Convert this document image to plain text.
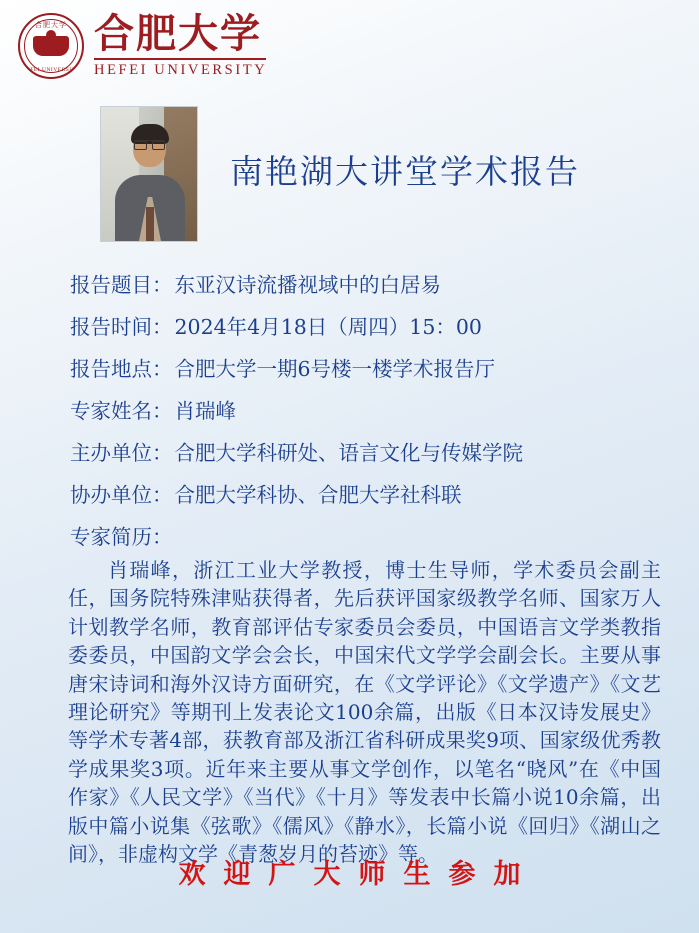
合肥大学
HEFEI UNIVERSITY
合肥大学
HEFEI UNIVERSITY
南艳湖大讲堂学术报告
报告题目： 东亚汉诗流播视域中的白居易
报告时间： 2024年4月18日（周四）15：00
报告地点： 合肥大学一期6号楼一楼学术报告厅
专家姓名： 肖瑞峰
主办单位： 合肥大学科研处、语言文化与传媒学院
协办单位： 合肥大学科协、合肥大学社科联
专家简历：
肖瑞峰，浙江工业大学教授，博士生导师，学术委员会副主任，国务院特殊津贴获得者，先后获评国家级教学名师、国家万人计划教学名师，教育部评估专家委员会委员，中国语言文学类教指委委员，中国韵文学会会长，中国宋代文学学会副会长。主要从事唐宋诗词和海外汉诗方面研究，在《文学评论》《文学遗产》《文艺理论研究》等期刊上发表论文100余篇，出版《日本汉诗发展史》等学术专著4部，获教育部及浙江省科研成果奖9项、国家级优秀教学成果奖3项。近年来主要从事文学创作，以笔名“晓风”在《中国作家》《人民文学》《当代》《十月》等发表中长篇小说10余篇，出版中篇小说集《弦歌》《儒风》《静水》，长篇小说《回归》《湖山之间》，非虚构文学《青葱岁月的苔迹》等。
欢迎广大师生参加
